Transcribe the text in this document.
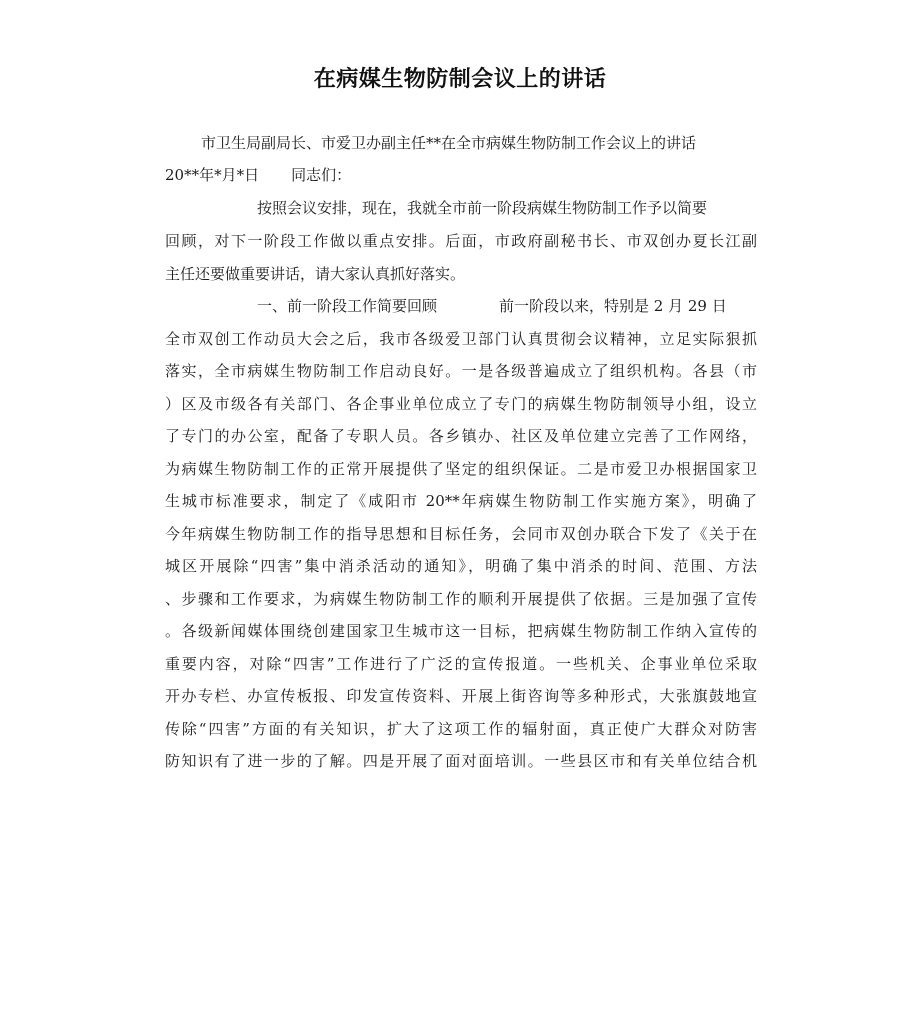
在病媒生物防制会议上的讲话
市卫生局副局长、市爱卫办副主任**在全市病媒生物防制工作会议上的讲话
20**年*月*日 同志们：
按照会议安排，现在，我就全市前一阶段病媒生物防制工作予以简要
回顾，对下一阶段工作做以重点安排。后面，市政府副秘书长、市双创办夏长江副
主任还要做重要讲话，请大家认真抓好落实。
一、前一阶段工作简要回顾	前一阶段以来，特别是 2 月 29 日
全市双创工作动员大会之后，我市各级爱卫部门认真贯彻会议精神，立足实际狠抓
落实，全市病媒生物防制工作启动良好。一是各级普遍成立了组织机构。各县（市
）区及市级各有关部门、各企事业单位成立了专门的病媒生物防制领导小组，设立
了专门的办公室，配备了专职人员。各乡镇办、社区及单位建立完善了工作网络，
为病媒生物防制工作的正常开展提供了坚定的组织保证。二是市爱卫办根据国家卫
生城市标准要求，制定了《咸阳市 20**年病媒生物防制工作实施方案》，明确了
今年病媒生物防制工作的指导思想和目标任务，会同市双创办联合下发了《关于在
城区开展除“四害”集中消杀活动的通知》，明确了集中消杀的时间、范围、方法
、步骤和工作要求，为病媒生物防制工作的顺利开展提供了依据。三是加强了宣传
。各级新闻媒体围绕创建国家卫生城市这一目标，把病媒生物防制工作纳入宣传的
重要内容，对除“四害”工作进行了广泛的宣传报道。一些机关、企事业单位采取
开办专栏、办宣传板报、印发宣传资料、开展上街咨询等多种形式，大张旗鼓地宣
传除“四害”方面的有关知识，扩大了这项工作的辐射面，真正使广大群众对防害
防知识有了进一步的了解。四是开展了面对面培训。一些县区市和有关单位结合机
